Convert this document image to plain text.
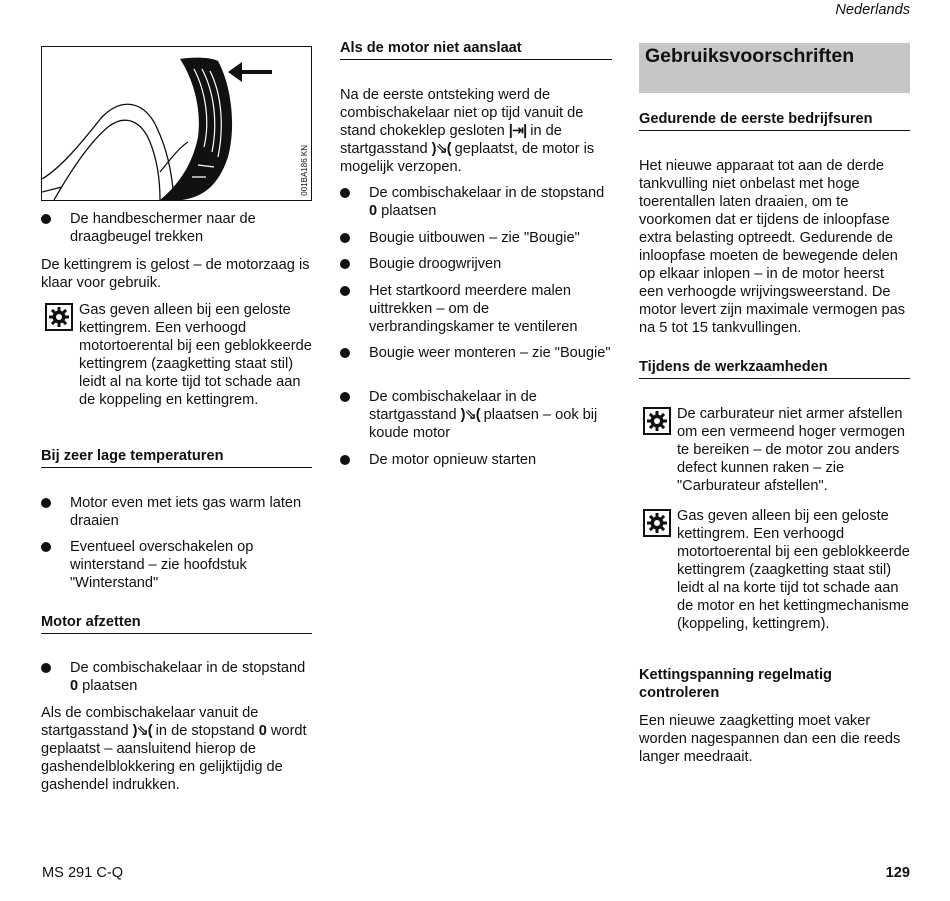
Nederlands
001BA186 KN

De handbeschermer naar de draagbeugel trekken

De kettingrem is gelost – de motorzaag is klaar voor gebruik.

Gas geven alleen bij een geloste kettingrem. Een verhoogd motortoerental bij een geblokkeerde kettingrem (zaagketting staat stil) leidt al na korte tijd tot schade aan de koppeling en kettingrem.

Bij zeer lage temperaturen

Motor even met iets gas warm laten draaien

Eventueel overschakelen op winterstand – zie hoofdstuk "Winterstand"

Motor afzetten

De combischakelaar in de stopstand 0 plaatsen

Als de combischakelaar vanuit de startgasstand )⇘( in de stopstand 0 wordt geplaatst – aansluitend hierop de gashendelblokkering en gelijktijdig de gashendel indrukken.

Als de motor niet aanslaat

Na de eerste ontsteking werd de combischakelaar niet op tijd vanuit de stand chokeklep gesloten |⇥| in de startgasstand )⇘( geplaatst, de motor is mogelijk verzopen.

De combischakelaar in de stopstand 0 plaatsen

Bougie uitbouwen – zie "Bougie"

Bougie droogwrijven

Het startkoord meerdere malen uittrekken – om de verbrandingskamer te ventileren

Bougie weer monteren – zie "Bougie"

De combischakelaar in de startgasstand )⇘( plaatsen – ook bij koude motor

De motor opnieuw starten

Gebruiksvoorschriften
Gedurende de eerste bedrijfsuren

Het nieuwe apparaat tot aan de derde tankvulling niet onbelast met hoge toerentallen laten draaien, om te voorkomen dat er tijdens de inloopfase extra belasting optreedt. Gedurende de inloopfase moeten de bewegende delen op elkaar inlopen – in de motor heerst een verhoogde wrijvingsweerstand. De motor levert zijn maximale vermogen pas na 5 tot 15 tankvullingen.

Tijdens de werkzaamheden

De carburateur niet armer afstellen om een vermeend hoger vermogen te bereiken – de motor zou anders defect kunnen raken – zie "Carburateur afstellen".

Gas geven alleen bij een geloste kettingrem. Een verhoogd motortoerental bij een geblokkeerde kettingrem (zaagketting staat stil) leidt al na korte tijd tot schade aan de motor en het kettingmechanisme (koppeling, kettingrem).

Kettingspanning regelmatig controleren

Een nieuwe zaagketting moet vaker worden nagespannen dan een die reeds langer meedraait.

MS 291 C-Q	129
